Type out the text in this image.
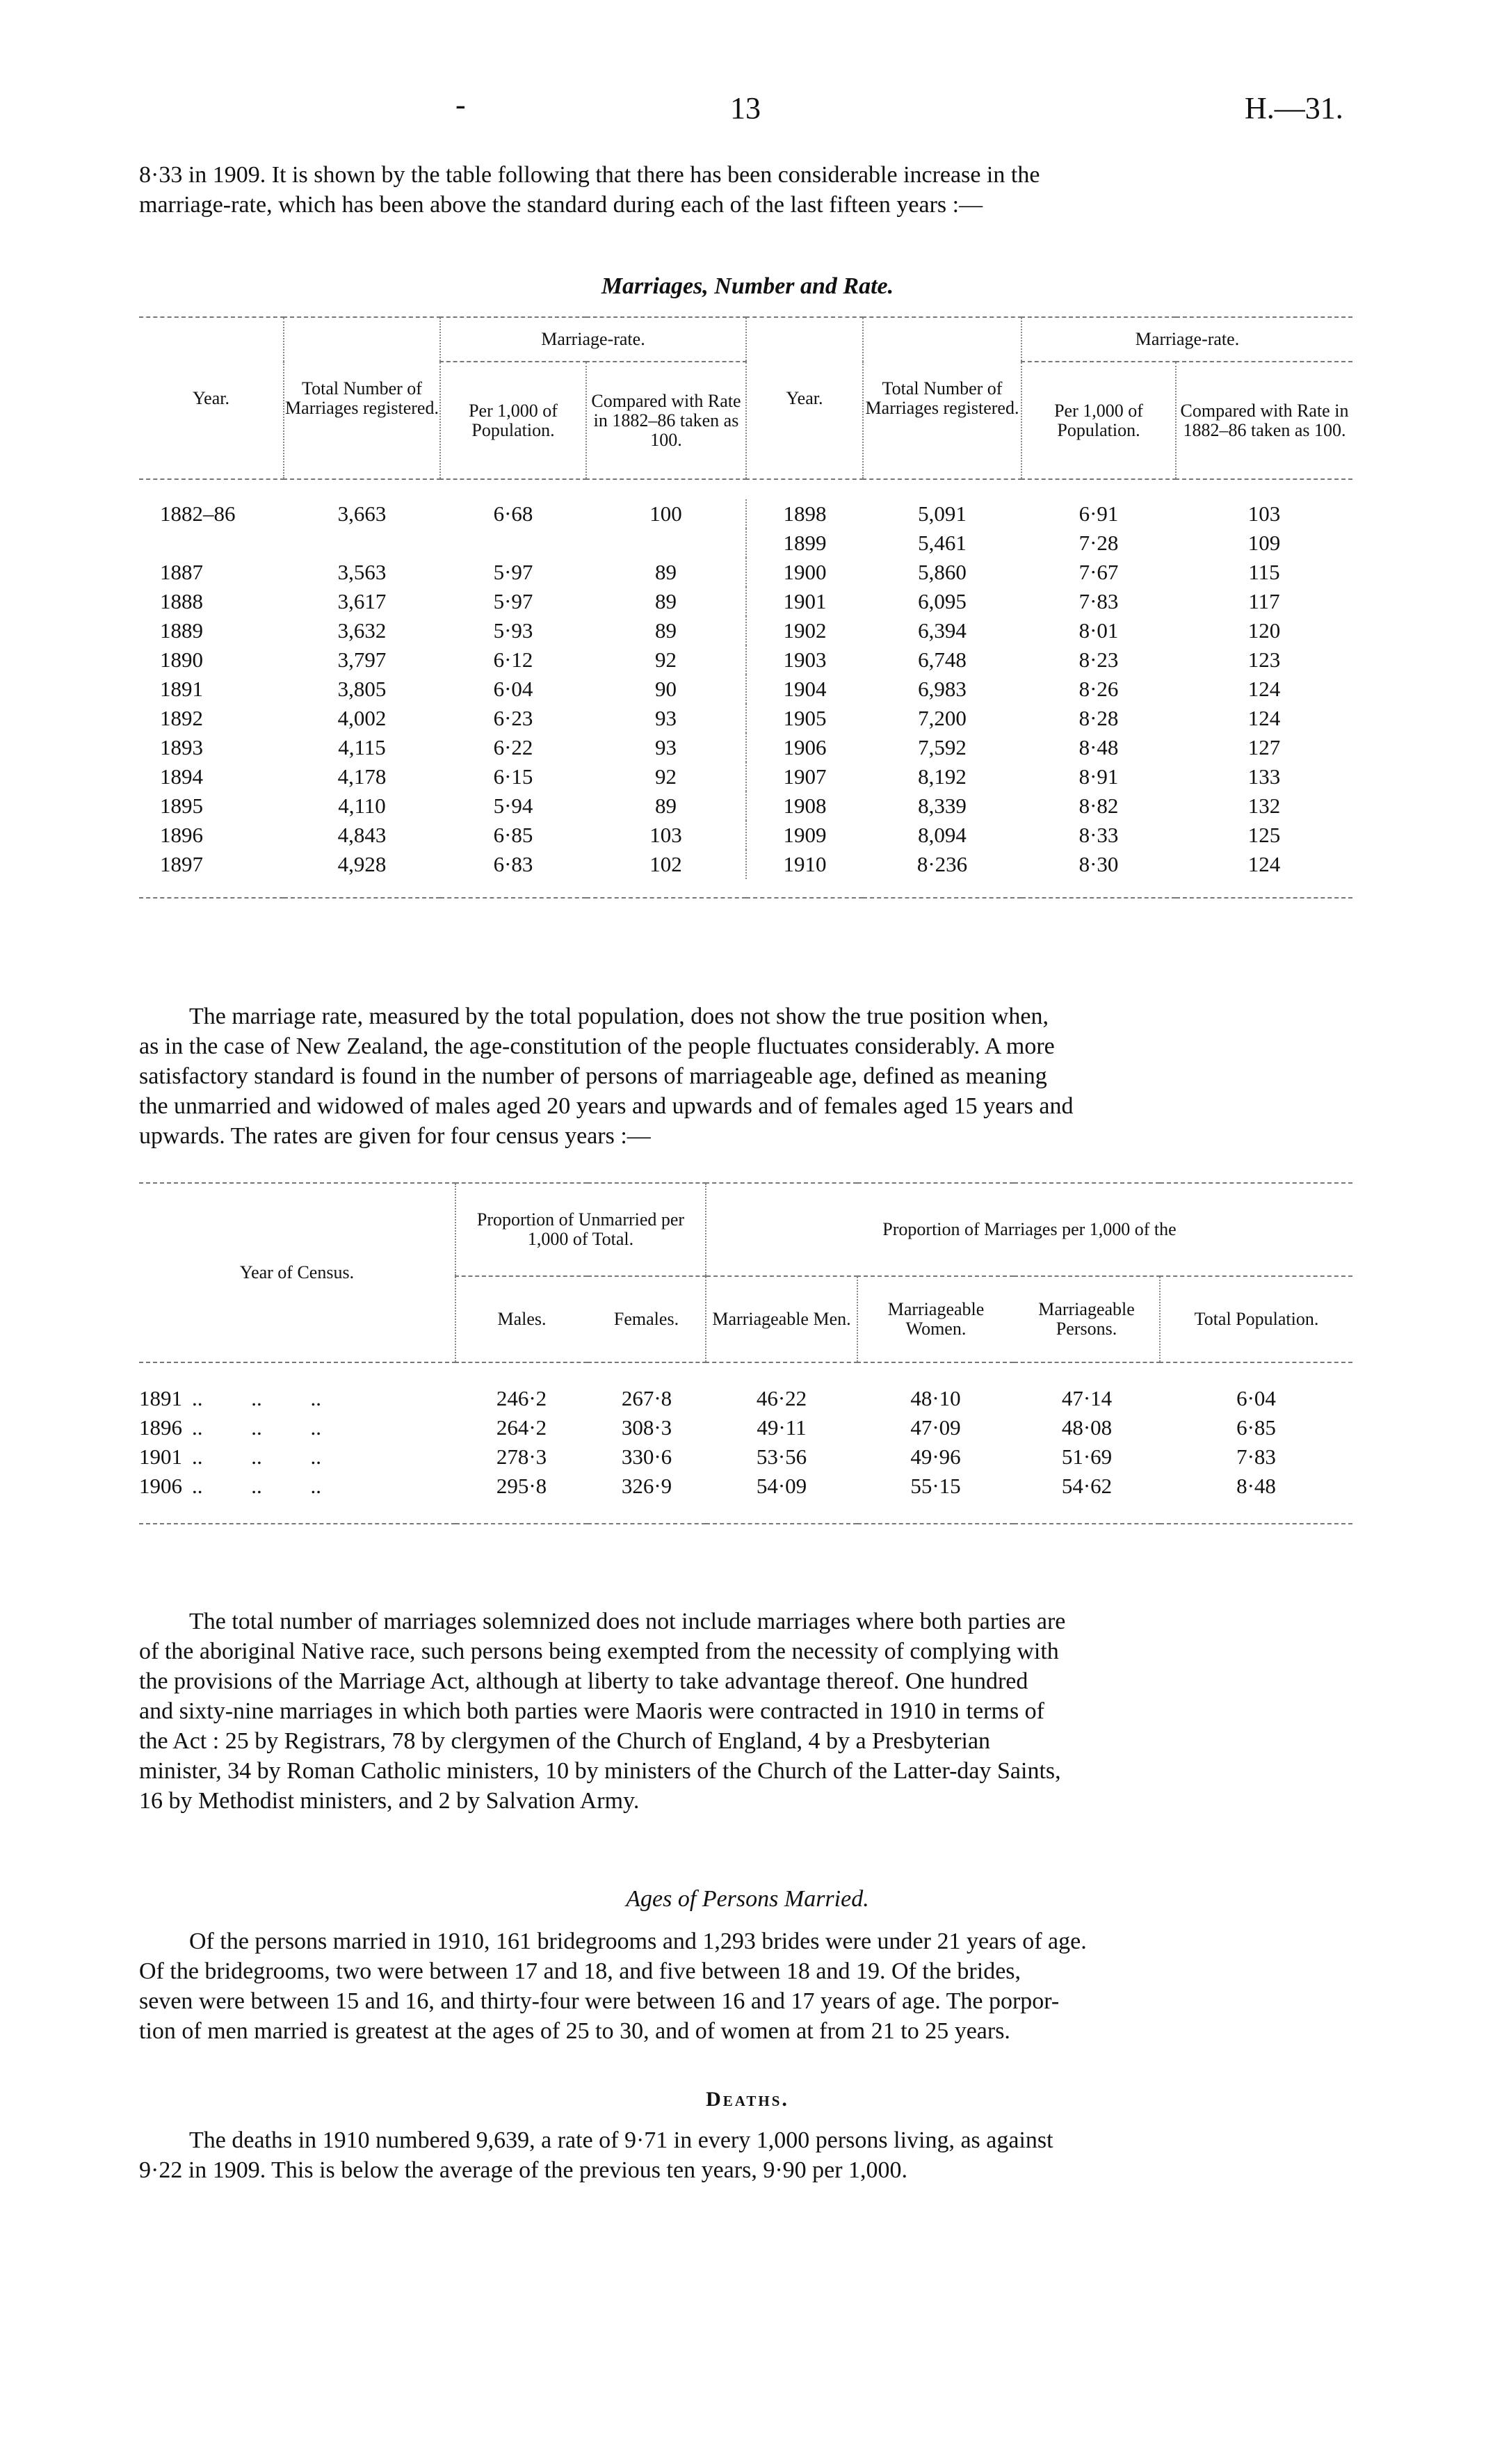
-	13	H.—31.
8·33 in 1909. It is shown by the table following that there has been considerable increase in the
marriage-rate, which has been above the standard during each of the last fifteen years :—
Marriages, Number and Rate.
Year.	Total Number of Marriages registered.	Marriage-rate.		Year.	Total Number of Marriages registered.	Marriage-rate.	
		Per 1,000 of Population.	Compared with Rate in 1882–86 taken as 100.			Per 1,000 of Population.	Compared with Rate in 1882–86 taken as 100.

1882–86	3,663	6·68	100	1898	5,091	6·91	103
				1899	5,461	7·28	109
1887	3,563	5·97	89	1900	5,860	7·67	115
1888	3,617	5·97	89	1901	6,095	7·83	117
1889	3,632	5·93	89	1902	6,394	8·01	120
1890	3,797	6·12	92	1903	6,748	8·23	123
1891	3,805	6·04	90	1904	6,983	8·26	124
1892	4,002	6·23	93	1905	7,200	8·28	124
1893	4,115	6·22	93	1906	7,592	8·48	127
1894	4,178	6·15	92	1907	8,192	8·91	133
1895	4,110	5·94	89	1908	8,339	8·82	132
1896	4,843	6·85	103	1909	8,094	8·33	125
1897	4,928	6·83	102	1910	8·236	8·30	124

The marriage rate, measured by the total population, does not show the true position when,
as in the case of New Zealand, the age-constitution of the people fluctuates considerably. A more
satisfactory standard is found in the number of persons of marriageable age, defined as meaning
the unmarried and widowed of males aged 20 years and upwards and of females aged 15 years and
upwards. The rates are given for four census years :—
Year of Census.	Proportion of Unmarried per 1,000 of Total.		Proportion of Marriages per 1,000 of the			
	Males.	Females.	Marriageable Men.	Marriageable Women.	Marriageable Persons.	Total Population.

1891 ..         ..         ..	246·2	267·8	46·22	48·10	47·14	6·04
1896 ..         ..         ..	264·2	308·3	49·11	47·09	48·08	6·85
1901 ..         ..         ..	278·3	330·6	53·56	49·96	51·69	7·83
1906 ..         ..         ..	295·8	326·9	54·09	55·15	54·62	8·48

The total number of marriages solemnized does not include marriages where both parties are
of the aboriginal Native race, such persons being exempted from the necessity of complying with
the provisions of the Marriage Act, although at liberty to take advantage thereof. One hundred
and sixty-nine marriages in which both parties were Maoris were contracted in 1910 in terms of
the Act : 25 by Registrars, 78 by clergymen of the Church of England, 4 by a Presbyterian
minister, 34 by Roman Catholic ministers, 10 by ministers of the Church of the Latter-day Saints,
16 by Methodist ministers, and 2 by Salvation Army.
Ages of Persons Married.
Of the persons married in 1910, 161 bridegrooms and 1,293 brides were under 21 years of age.
Of the bridegrooms, two were between 17 and 18, and five between 18 and 19. Of the brides,
seven were between 15 and 16, and thirty-four were between 16 and 17 years of age. The porpor-
tion of men married is greatest at the ages of 25 to 30, and of women at from 21 to 25 years.
Deaths.
The deaths in 1910 numbered 9,639, a rate of 9·71 in every 1,000 persons living, as against
9·22 in 1909. This is below the average of the previous ten years, 9·90 per 1,000.
